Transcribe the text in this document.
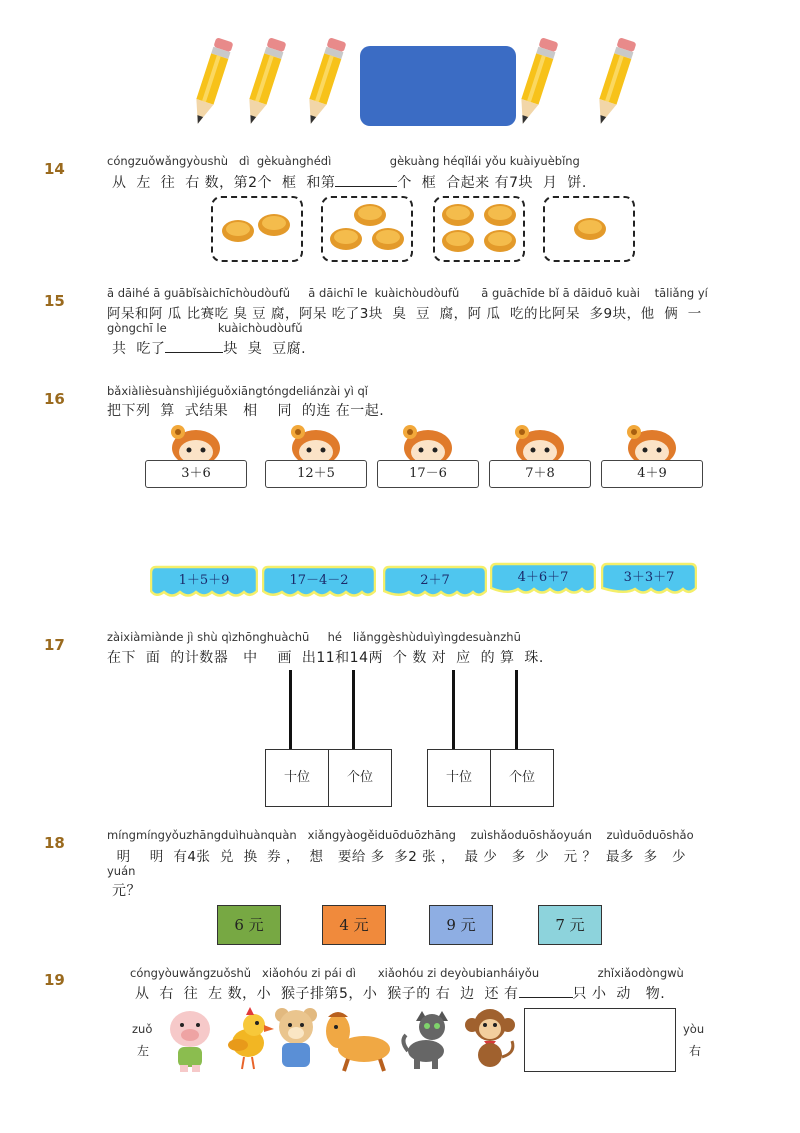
14	cóngzuǒwǎngyòushù   dì  gèkuànghédì                gèkuàng héqǐlái yǒu kuàiyuèbǐng
从  左  往  右 数，第2个  框  和第	个  框  合起来 有7块  月  饼.
15	ā dāihé ā guābǐsàichīchòudòufǔ     ā dāichī le  kuàichòudòufǔ      ā guāchīde bǐ ā dāiduō kuài    tāliǎng yí
阿呆和阿 瓜 比赛吃 臭 豆 腐，阿呆 吃了3块  臭  豆  腐，阿 瓜  吃的比阿呆  多9块，他  俩  一
gòngchī le              kuàichòudòufǔ
共  吃了	块  臭  豆腐.
16	bǎxiàlièsuànshìjiéguǒxiāngtóngdeliánzài yì qǐ
把下列  算  式结果   相    同  的连 在一起.
3＋6	12＋5	17－6	7＋8	4＋9
1＋5＋9	17－4－2	2＋7	4＋6＋7	3＋3＋7
17	zàixiàmiànde jì shù qìzhōnghuàchū     hé   liǎnggèshùduìyìngdesuànzhū
在下  面  的计数器   中    画  出11和14两  个 数 对  应  的 算  珠.
十位	个位	十位	个位
18	míngmíngyǒuzhāngduìhuànquàn   xiǎngyàogěiduōduōzhāng    zuìshǎoduōshǎoyuán    zuìduōduōshǎo
明    明  有4张  兑  换  券 ，  想   要给 多  多2 张 ，  最 少   多  少   元 ？  最多  多   少
yuán
元？
6 元	4 元	9 元	7 元
19	cóngyòuwǎngzuǒshǔ   xiǎohóu zi pái dì      xiǎohóu zi deyòubianháiyǒu                zhǐxiǎodòngwù
从  右  往  左 数，小  猴子排第5，小  猴子的 右  边  还 有	只 小  动   物.
zuǒ
左
yòu
右
